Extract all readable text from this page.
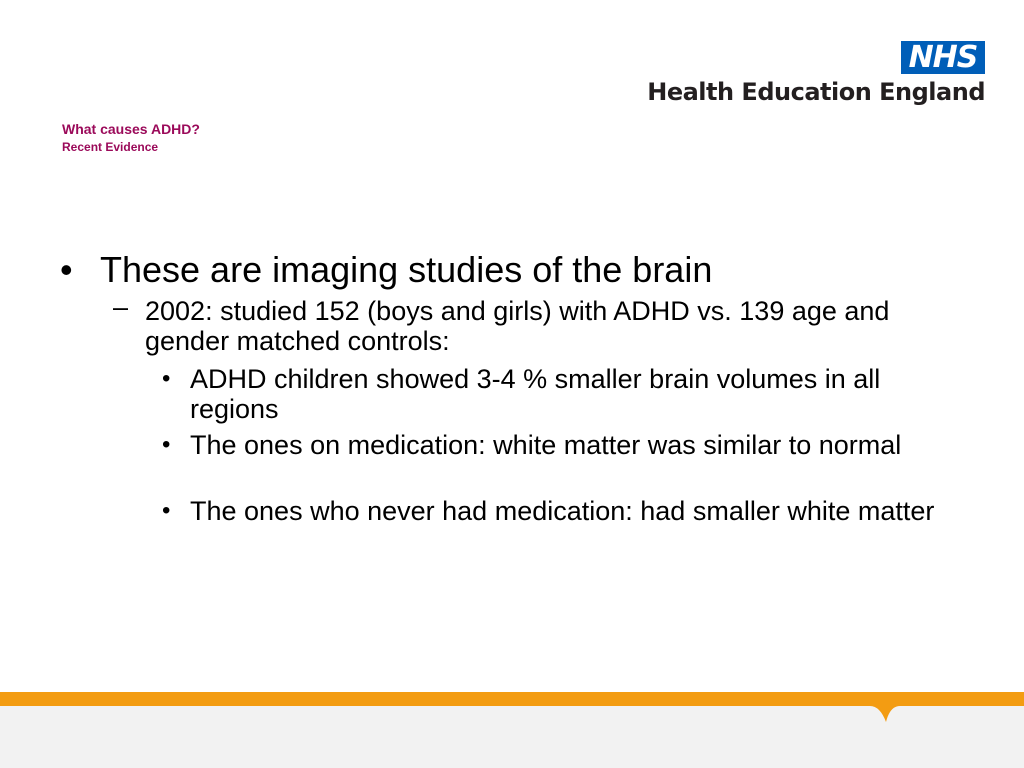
NHS
Health Education England
What causes ADHD?
Recent Evidence
• These are imaging studies of the brain
– 2002: studied 152 (boys and girls) with ADHD vs. 139 age and gender matched controls:
• ADHD children showed 3-4 % smaller brain volumes in all regions
• The ones on medication: white matter was similar to normal
• The ones who never had medication: had smaller white matter
